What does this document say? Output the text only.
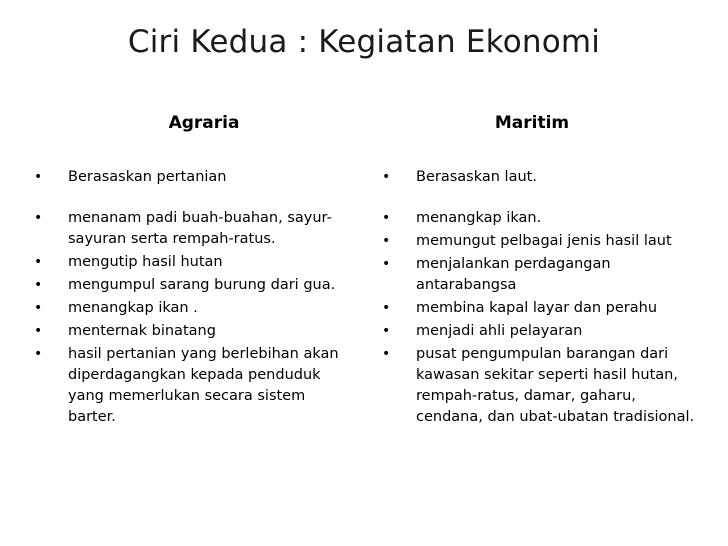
Ciri Kedua : Kegiatan Ekonomi
Agraria
•	Berasaskan pertanian
•	menanam padi buah-buahan, sayur-sayuran serta rempah-ratus.
•	mengutip hasil hutan
•	mengumpul sarang burung dari gua.
•	menangkap ikan .
•	menternak binatang
•	hasil pertanian yang berlebihan akan diperdagangkan kepada penduduk yang memerlukan secara sistem barter.
Maritim
•	Berasaskan laut.
•	menangkap ikan.
•	memungut pelbagai jenis hasil laut
•	menjalankan perdagangan antarabangsa
•	membina kapal layar dan perahu
•	menjadi ahli pelayaran
•	pusat pengumpulan barangan dari kawasan sekitar seperti hasil hutan, rempah-ratus, damar, gaharu, cendana, dan ubat-ubatan tradisional.
